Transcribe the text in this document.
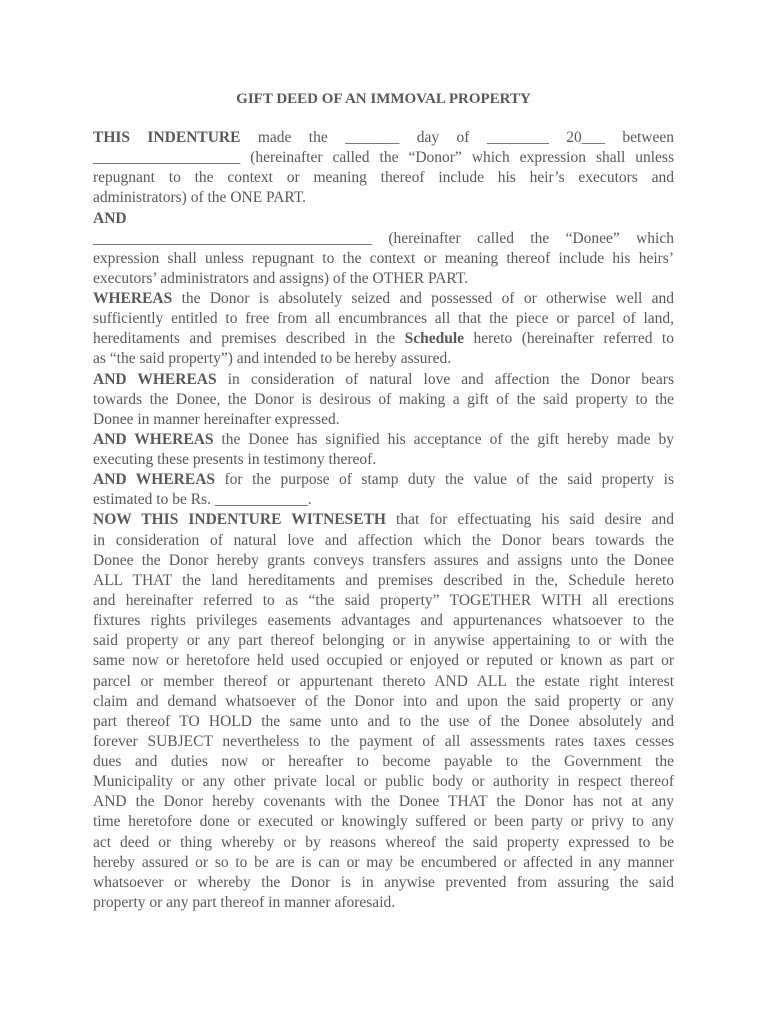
GIFT DEED OF AN IMMOVAL PROPERTY
THIS INDENTURE made the _______ day of ________ 20___ between
___________________ (hereinafter called the “Donor” which expression shall unless
repugnant to the context or meaning thereof include his heir’s executors and
administrators) of the ONE PART.
AND
____________________________________ (hereinafter called the “Donee” which
expression shall unless repugnant to the context or meaning thereof include his heirs’
executors’ administrators and assigns) of the OTHER PART.
WHEREAS the Donor is absolutely seized and possessed of or otherwise well and
sufficiently entitled to free from all encumbrances all that the piece or parcel of land,
hereditaments and premises described in the Schedule hereto (hereinafter referred to
as “the said property”) and intended to be hereby assured.
AND WHEREAS in consideration of natural love and affection the Donor bears
towards the Donee, the Donor is desirous of making a gift of the said property to the
Donee in manner hereinafter expressed.
AND WHEREAS the Donee has signified his acceptance of the gift hereby made by
executing these presents in testimony thereof.
AND WHEREAS for the purpose of stamp duty the value of the said property is
estimated to be Rs. ____________.
NOW THIS INDENTURE WITNESETH that for effectuating his said desire and
in consideration of natural love and affection which the Donor bears towards the
Donee the Donor hereby grants conveys transfers assures and assigns unto the Donee
ALL THAT the land hereditaments and premises described in the, Schedule hereto
and hereinafter referred to as “the said property” TOGETHER WITH all erections
fixtures rights privileges easements advantages and appurtenances whatsoever to the
said property or any part thereof belonging or in anywise appertaining to or with the
same now or heretofore held used occupied or enjoyed or reputed or known as part or
parcel or member thereof or appurtenant thereto AND ALL the estate right interest
claim and demand whatsoever of the Donor into and upon the said property or any
part thereof TO HOLD the same unto and to the use of the Donee absolutely and
forever SUBJECT nevertheless to the payment of all assessments rates taxes cesses
dues and duties now or hereafter to become payable to the Government the
Municipality or any other private local or public body or authority in respect thereof
AND the Donor hereby covenants with the Donee THAT the Donor has not at any
time heretofore done or executed or knowingly suffered or been party or privy to any
act deed or thing whereby or by reasons whereof the said property expressed to be
hereby assured or so to be are is can or may be encumbered or affected in any manner
whatsoever or whereby the Donor is in anywise prevented from assuring the said
property or any part thereof in manner aforesaid.
